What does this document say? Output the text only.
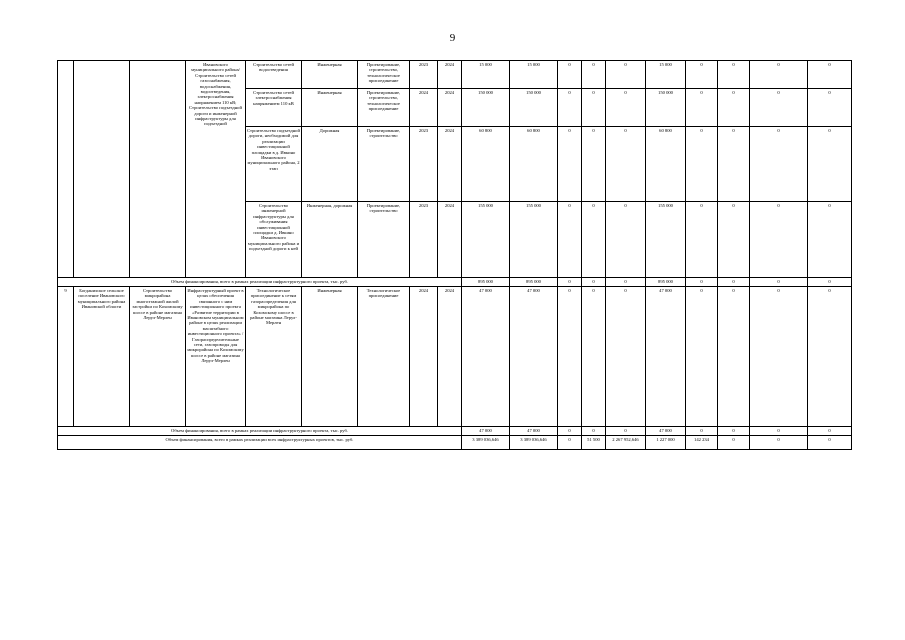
9
			Ивановского муниципального района/ Строительство сетей газоснабжения, водоснабжения, водоотведения, электроснабжения напряжением 110 кВ; Строительство подъездной дороги и инженерной инфраструктуры для подъездной	Строительство сетей водоотведения	Инженерная	Проектирование, строительство, технологическое присоединение	2023	2024	15 000	15 000	0	0	0	15 000	0	0	0	0
				Строительство сетей электроснабжения напряжением 110 кВ	Инженерная	Проектирование, строительство, технологическое присоединение	2024	2024	150 000	150 000	0	0	0	150 000	0	0	0	0
				Строительство подъездной дороги, необходимой для реализации инвестиционной площадки в д. Ивкино Ивановского муниципального района, 2 этап	Дорожная	Проектирование, строительство	2023	2024	60 800	60 800	0	0	0	60 800	0	0	0	0
				Строительство инженерной инфраструктуры для обслуживания инвестиционной площадки д. Ивкино Ивановского муниципального района и подъездной дороги к ней	Инженерная, дорожная	Проектирование, строительство	2023	2024	155 000	155 000	0	0	0	155 000	0	0	0	0
Объем финансирования, всего в рамках реализации инфраструктурного проекта, тыс. руб.									895 000	895 000	0	0	0	895 000	0	0	0	0
9	Богданихское сельское поселение Ивановского муниципального района Ивановской области	Строительство микрорайона многоэтажной жилой застройки по Кохомскому шоссе в районе магазина Лерул-Мерлен	Инфраструктурный проект в целях обеспечения связанного с ним инвестиционного проекта «Развитие территории в Ивановском муниципальном районе в целях реализации масштабного инвестиционного проекта» / Газораспределительные сети, газопроводы для микрорайона по Кохомскому шоссе в районе магазина Лерул-Мерлен	Технологическое присоединение к сетям газораспределения для микрорайона по Кохомскому шоссе в районе магазина Лерул-Мерлен	Инженерная	Технологическое присоединение	2024	2024	47 000	47 000	0	0	0	47 000	0	0	0	0
Объем финансирования, всего в рамках реализации инфраструктурного проекта, тыс. руб.									47 000	47 000	0	0	0	47 000	0	0	0	0
Объем финансирования, всего в рамках реализации всех инфраструктурных проектов, тыс. руб.									3 389 036,646	3 389 036,646	0	51 500	2 267 952,646	1 227 000	142 234	0	0	0
